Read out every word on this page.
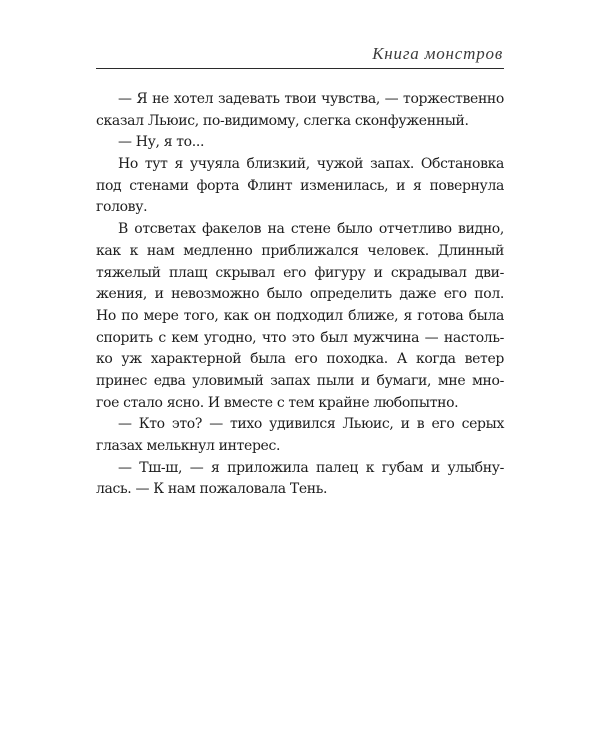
Книга монстров
— Я не хотел задевать твои чувства, — торжественно
сказал Льюис, по-видимому, слегка сконфуженный.
— Ну, я то...
Но тут я учуяла близкий, чужой запах. Обстановка
под стенами форта Флинт изменилась, и я повернула
голову.
В отсветах факелов на стене было отчетливо видно,
как к нам медленно приближался человек. Длинный
тяжелый плащ скрывал его фигуру и скрадывал дви-
жения, и невозможно было определить даже его пол.
Но по мере того, как он подходил ближе, я готова была
спорить с кем угодно, что это был мужчина — настоль-
ко уж характерной была его походка. А когда ветер
принес едва уловимый запах пыли и бумаги, мне мно-
гое стало ясно. И вместе с тем крайне любопытно.
— Кто это? — тихо удивился Льюис, и в его серых
глазах мелькнул интерес.
— Тш-ш, — я приложила палец к губам и улыбну-
лась. — К нам пожаловала Тень.
